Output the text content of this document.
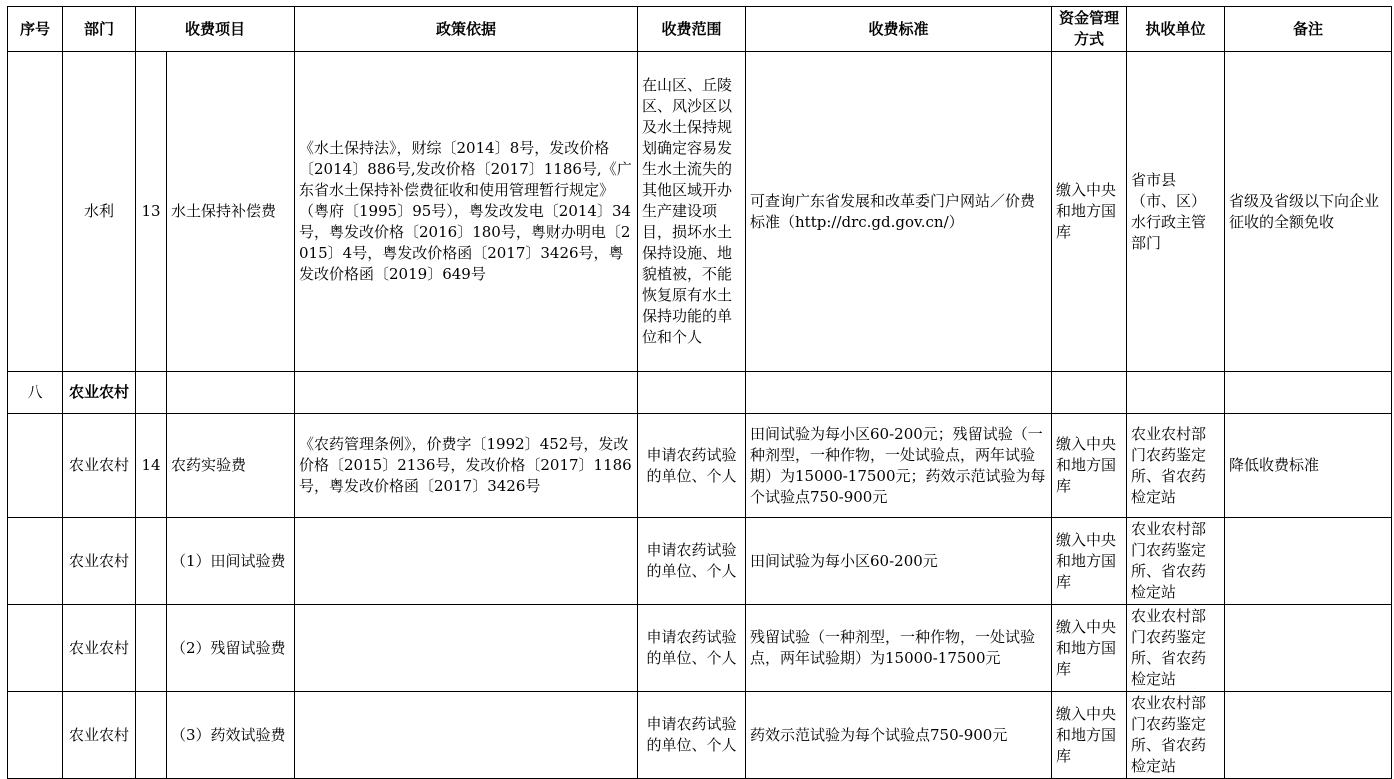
序号	部门	收费项目		政策依据	收费范围	收费标准	资金管理方式	执收单位	备注
	水利	13	水土保持补偿费	《水土保持法》，财综〔2014〕8号，发改价格〔2014〕886号,发改价格〔2017〕1186号,《广东省水土保持补偿费征收和使用管理暂行规定》（粤府〔1995〕95号），粤发改发电〔2014〕34号，粤发改价格〔2016〕180号，粤财办明电〔2015〕4号，粤发改价格函〔2017〕3426号，粤发改价格函〔2019〕649号	在山区、丘陵区、风沙区以及水土保持规划确定容易发生水土流失的其他区域开办生产建设项目，损坏水土保持设施、地貌植被，不能恢复原有水土保持功能的单位和个人	可查询广东省发展和改革委门户网站／价费标准（http://drc.gd.gov.cn/）	缴入中央和地方国库	省市县（市、区）水行政主管部门	省级及省级以下向企业征收的全额免收
八	农业农村								
	农业农村	14	农药实验费	《农药管理条例》，价费字〔1992〕452号，发改价格〔2015〕2136号，发改价格〔2017〕1186号，粤发改价格函〔2017〕3426号	申请农药试验的单位、个人	田间试验为每小区60-200元；残留试验（一种剂型，一种作物，一处试验点，两年试验期）为15000-17500元；药效示范试验为每个试验点750-900元	缴入中央和地方国库	农业农村部门农药鉴定所、省农药检定站	降低收费标准
	农业农村		（1）田间试验费		申请农药试验的单位、个人	田间试验为每小区60-200元	缴入中央和地方国库	农业农村部门农药鉴定所、省农药检定站	
	农业农村		（2）残留试验费		申请农药试验的单位、个人	残留试验（一种剂型，一种作物，一处试验点，两年试验期）为15000-17500元	缴入中央和地方国库	农业农村部门农药鉴定所、省农药检定站	
	农业农村		（3）药效试验费		申请农药试验的单位、个人	药效示范试验为每个试验点750-900元	缴入中央和地方国库	农业农村部门农药鉴定所、省农药检定站	
